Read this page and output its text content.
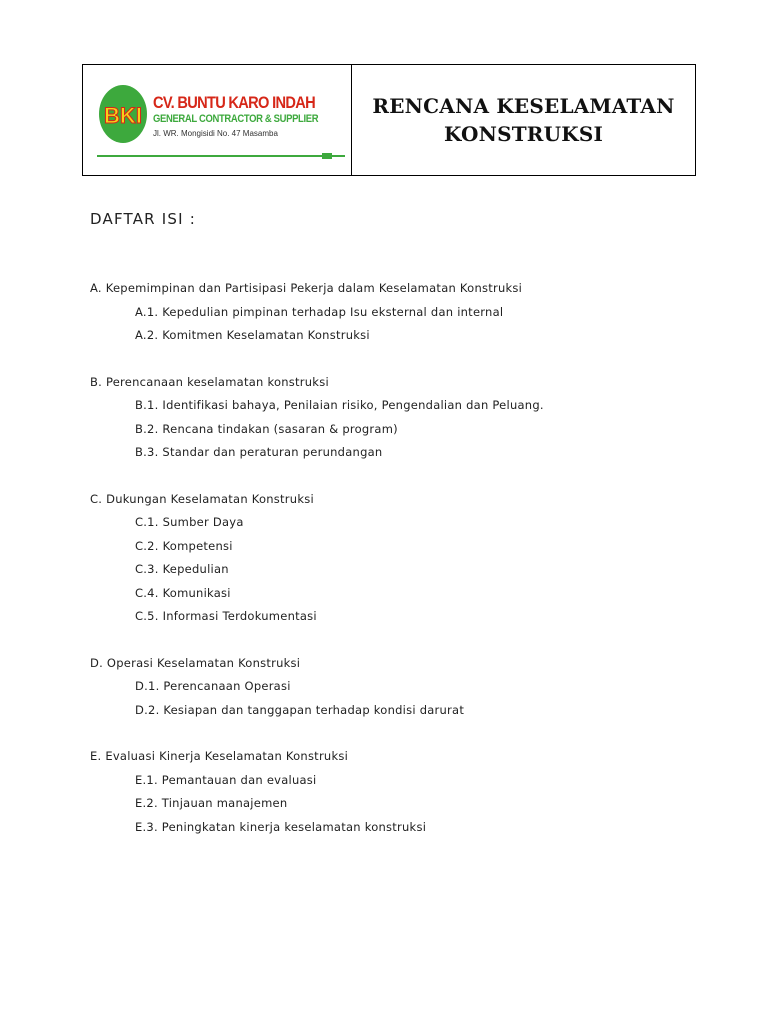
BKI
CV. BUNTU KARO INDAH
GENERAL CONTRACTOR & SUPPLIER
Jl. WR. Mongisidi No. 47 Masamba
RENCANA KESELAMATAN
KONSTRUKSI
DAFTAR ISI :
A. Kepemimpinan dan Partisipasi Pekerja dalam Keselamatan Konstruksi
A.1. Kepedulian pimpinan terhadap Isu eksternal dan internal
A.2. Komitmen Keselamatan Konstruksi
B. Perencanaan keselamatan konstruksi
B.1. Identifikasi bahaya, Penilaian risiko, Pengendalian dan Peluang.
B.2. Rencana tindakan (sasaran & program)
B.3. Standar dan peraturan perundangan
C. Dukungan Keselamatan Konstruksi
C.1. Sumber Daya
C.2. Kompetensi
C.3. Kepedulian
C.4. Komunikasi
C.5. Informasi Terdokumentasi
D. Operasi Keselamatan Konstruksi
D.1. Perencanaan Operasi
D.2. Kesiapan dan tanggapan terhadap kondisi darurat
E. Evaluasi Kinerja Keselamatan Konstruksi
E.1. Pemantauan dan evaluasi
E.2. Tinjauan manajemen
E.3. Peningkatan kinerja keselamatan konstruksi
